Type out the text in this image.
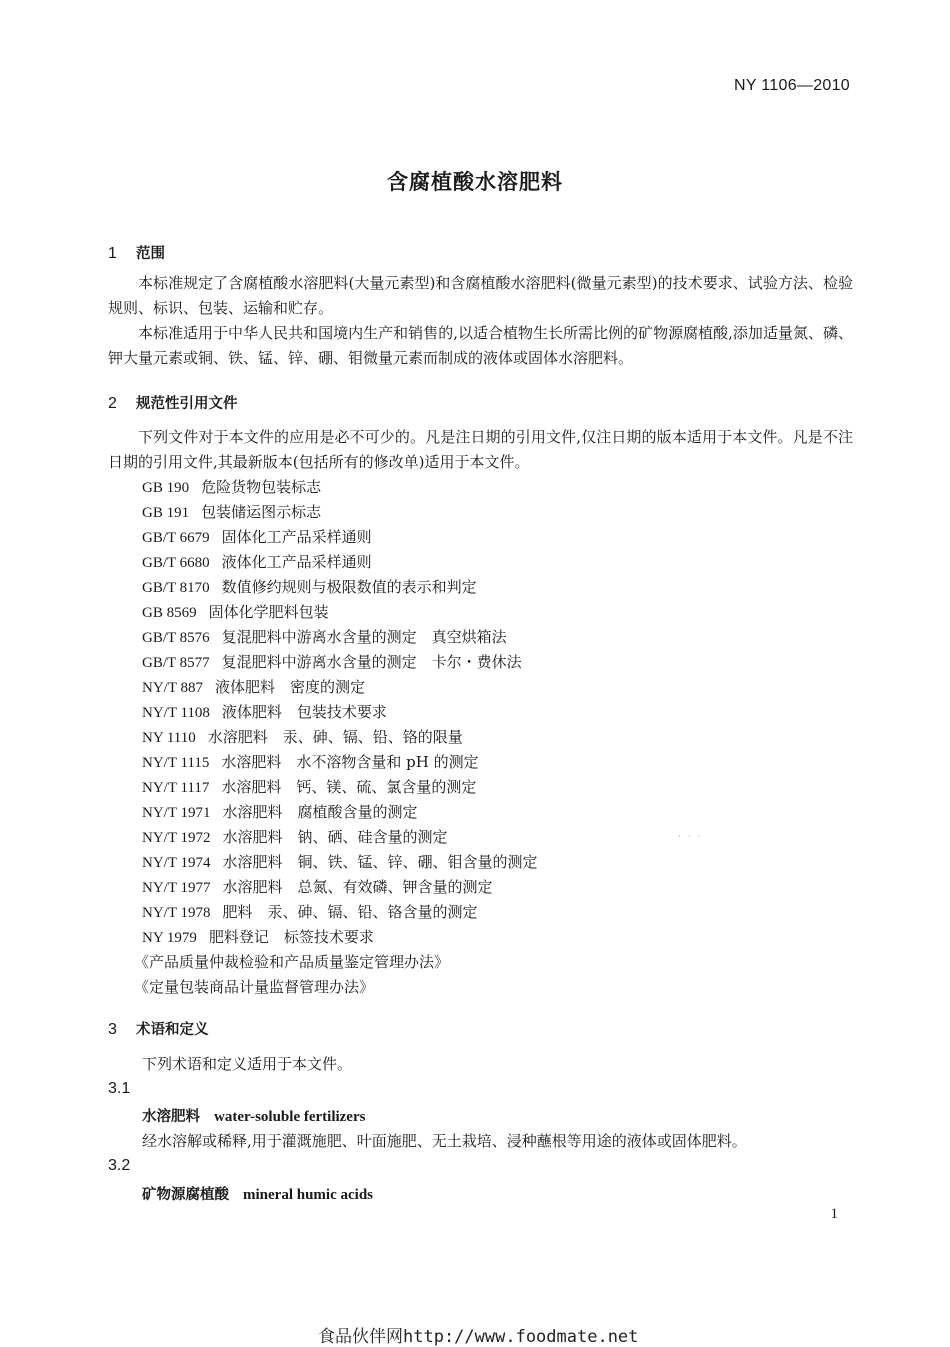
NY 1106—2010
含腐植酸水溶肥料
1 范围

本标准规定了含腐植酸水溶肥料(大量元素型)和含腐植酸水溶肥料(微量元素型)的技术要求、试验方法、检验规则、标识、包装、运输和贮存。

本标准适用于中华人民共和国境内生产和销售的,以适合植物生长所需比例的矿物源腐植酸,添加适量氮、磷、钾大量元素或铜、铁、锰、锌、硼、钼微量元素而制成的液体或固体水溶肥料。

2 规范性引用文件

下列文件对于本文件的应用是必不可少的。凡是注日期的引用文件,仅注日期的版本适用于本文件。凡是不注日期的引用文件,其最新版本(包括所有的修改单)适用于本文件。

GB 190 危险货物包装标志
GB 191 包装储运图示标志
GB/T 6679 固体化工产品采样通则
GB/T 6680 液体化工产品采样通则
GB/T 8170 数值修约规则与极限数值的表示和判定
GB 8569 固体化学肥料包装
GB/T 8576 复混肥料中游离水含量的测定　真空烘箱法
GB/T 8577 复混肥料中游离水含量的测定　卡尔・费休法
NY/T 887 液体肥料　密度的测定
NY/T 1108 液体肥料　包装技术要求
NY 1110 水溶肥料　汞、砷、镉、铅、铬的限量
NY/T 1115 水溶肥料　水不溶物含量和 pH 的测定
NY/T 1117 水溶肥料　钙、镁、硫、氯含量的测定
NY/T 1971 水溶肥料　腐植酸含量的测定
NY/T 1972 水溶肥料　钠、硒、硅含量的测定
NY/T 1974 水溶肥料　铜、铁、锰、锌、硼、钼含量的测定
NY/T 1977 水溶肥料　总氮、有效磷、钾含量的测定
NY/T 1978 肥料　汞、砷、镉、铅、铬含量的测定
NY 1979 肥料登记　标签技术要求
《产品质量仲裁检验和产品质量鉴定管理办法》
《定量包装商品计量监督管理办法》
· · ·
3 术语和定义
下列术语和定义适用于本文件。
3.1
水溶肥料 water-soluble fertilizers
经水溶解或稀释,用于灌溉施肥、叶面施肥、无土栽培、浸种蘸根等用途的液体或固体肥料。
3.2
矿物源腐植酸 mineral humic acids
1
食品伙伴网http://www.foodmate.net
